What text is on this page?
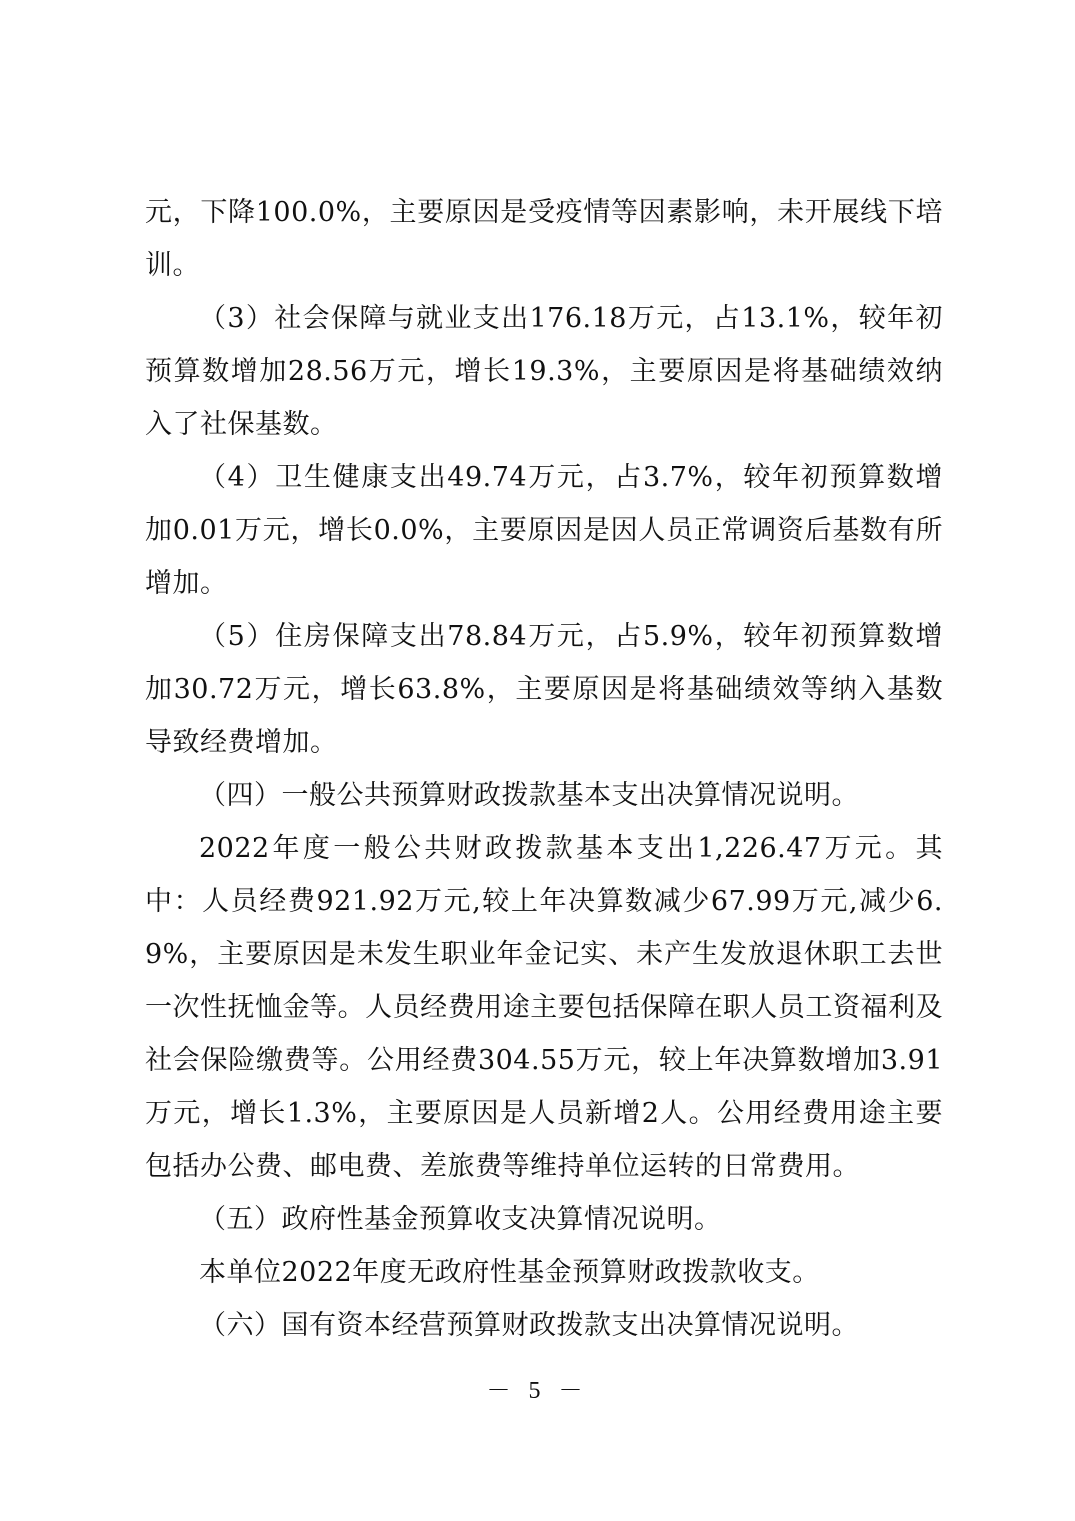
元，下降100.0%，主要原因是受疫情等因素影响，未开展线下培训。

（3）社会保障与就业支出176.18万元，占13.1%，较年初预算数增加28.56万元，增长19.3%，主要原因是将基础绩效纳入了社保基数。

（4）卫生健康支出49.74万元，占3.7%，较年初预算数增加0.01万元，增长0.0%，主要原因是因人员正常调资后基数有所增加。

（5）住房保障支出78.84万元，占5.9%，较年初预算数增加30.72万元，增长63.8%，主要原因是将基础绩效等纳入基数导致经费增加。

（四）一般公共预算财政拨款基本支出决算情况说明。

2022年度一般公共财政拨款基本支出1,226.47万元。其中：人员经费921.92万元,较上年决算数减少67.99万元,减少6.9%，主要原因是未发生职业年金记实、未产生发放退休职工去世一次性抚恤金等。人员经费用途主要包括保障在职人员工资福利及社会保险缴费等。公用经费304.55万元，较上年决算数增加3.91万元，增长1.3%，主要原因是人员新增2人。公用经费用途主要包括办公费、邮电费、差旅费等维持单位运转的日常费用。

（五）政府性基金预算收支决算情况说明。

本单位2022年度无政府性基金预算财政拨款收支。

（六）国有资本经营预算财政拨款支出决算情况说明。

－ 5 －
